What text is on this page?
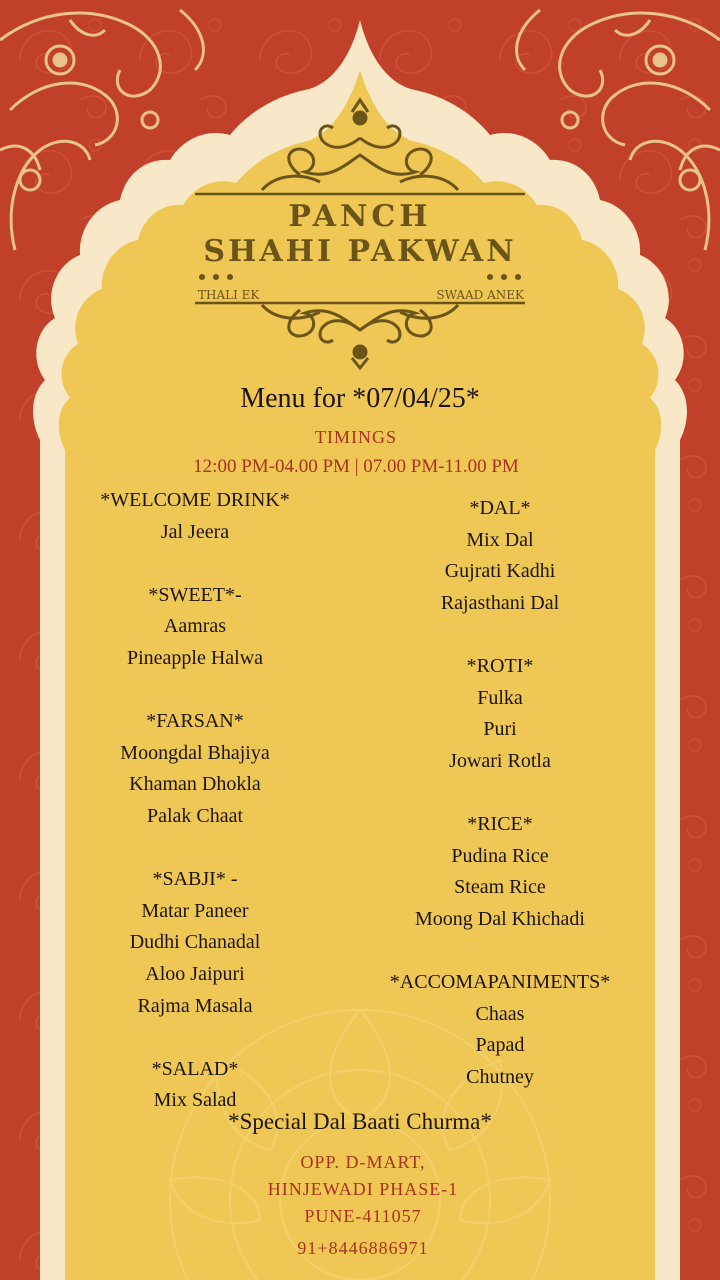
PANCH
SHAHI PAKWAN
THALI EK	SWAAD ANEK
Menu for *07/04/25*
TIMINGS
12:00 PM-04.00 PM | 07.00 PM-11.00 PM
*WELCOME DRINK*
Jal Jeera
*SWEET*-
Aamras
Pineapple Halwa
*FARSAN*
Moongdal Bhajiya
Khaman Dhokla
Palak Chaat
*SABJI* -
Matar Paneer
Dudhi Chanadal
Aloo Jaipuri
Rajma Masala
*SALAD*
Mix Salad
*DAL*
Mix Dal
Gujrati Kadhi
Rajasthani Dal
*ROTI*
Fulka
Puri
Jowari Rotla
*RICE*
Pudina Rice
Steam Rice
Moong Dal Khichadi
*ACCOMAPANIMENTS*
Chaas
Papad
Chutney
*Special Dal Baati Churma*
OPP. D-MART,
HINJEWADI PHASE-1
PUNE-411057
91+8446886971
